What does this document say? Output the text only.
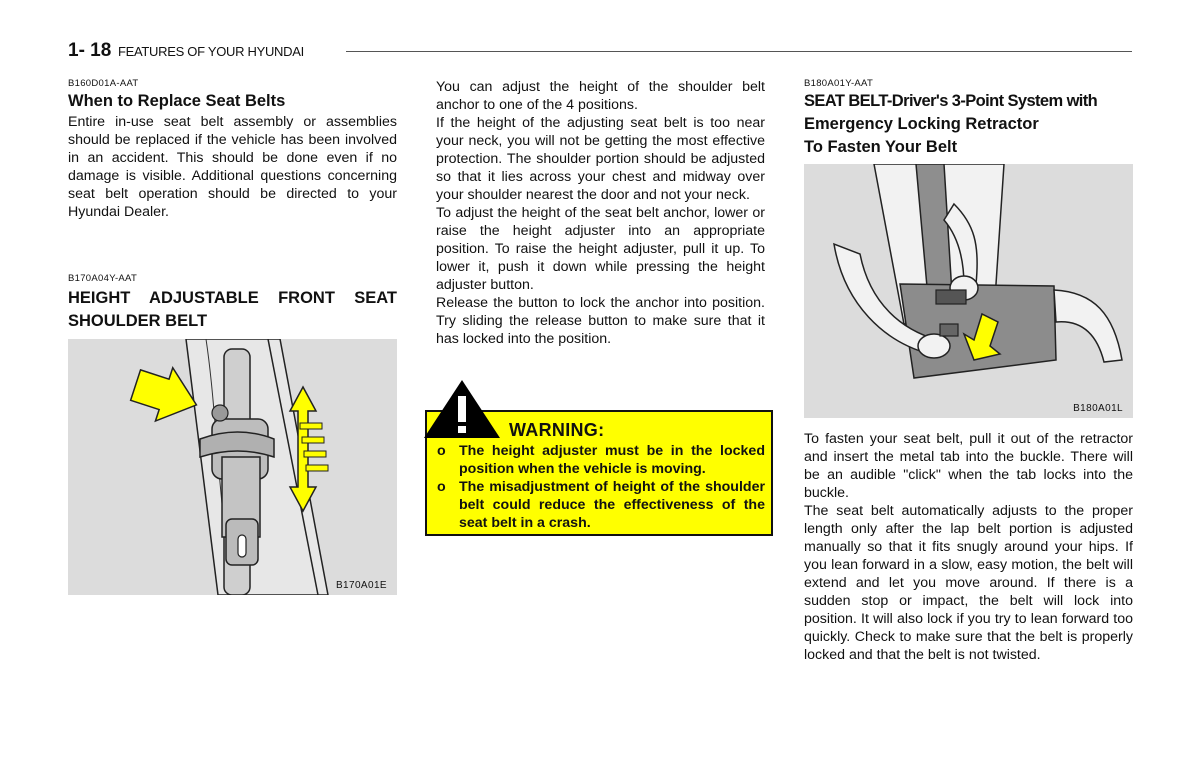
1- 18 FEATURES OF YOUR HYUNDAI

B160D01A-AAT

When to Replace Seat Belts

Entire in-use seat belt assembly or assemblies should be replaced if the vehicle has been involved in an accident. This should be done even if no damage is visible. Additional questions concerning seat belt operation should be directed to your Hyundai Dealer.

B170A04Y-AAT

HEIGHT ADJUSTABLE FRONT SEAT

SHOULDER BELT

B170A01E

You can adjust the height of the shoulder belt anchor to one of the 4 positions.

If the height of the adjusting seat belt is too near your neck, you will not be getting the most effective protection. The shoulder portion should be adjusted so that it lies across your chest and midway over your shoulder nearest the door and not your neck.

To adjust the height of the seat belt anchor, lower or raise the height adjuster into an appropriate position. To raise the height adjuster, pull it up. To lower it, push it down while pressing the height adjuster button.

Release the button to lock the anchor into position. Try sliding the release button to make sure that it has locked into the position.

WARNING:
o The height adjuster must be in the locked position when the vehicle is moving.
o The misadjustment of height of the shoulder belt could reduce the effectiveness of the seat belt in a crash.

B180A01Y-AAT

SEAT BELT-Driver's 3-Point System with

Emergency Locking Retractor

To Fasten Your Belt

B180A01L

To fasten your seat belt, pull it out of the retractor and insert the metal tab into the buckle. There will be an audible "click" when the tab locks into the buckle.

The seat belt automatically adjusts to the proper length only after the lap belt portion is adjusted manually so that it fits snugly around your hips. If you lean forward in a slow, easy motion, the belt will extend and let you move around. If there is a sudden stop or impact, the belt will lock into position. It will also lock if you try to lean forward too quickly. Check to make sure that the belt is properly locked and that the belt is not twisted.
